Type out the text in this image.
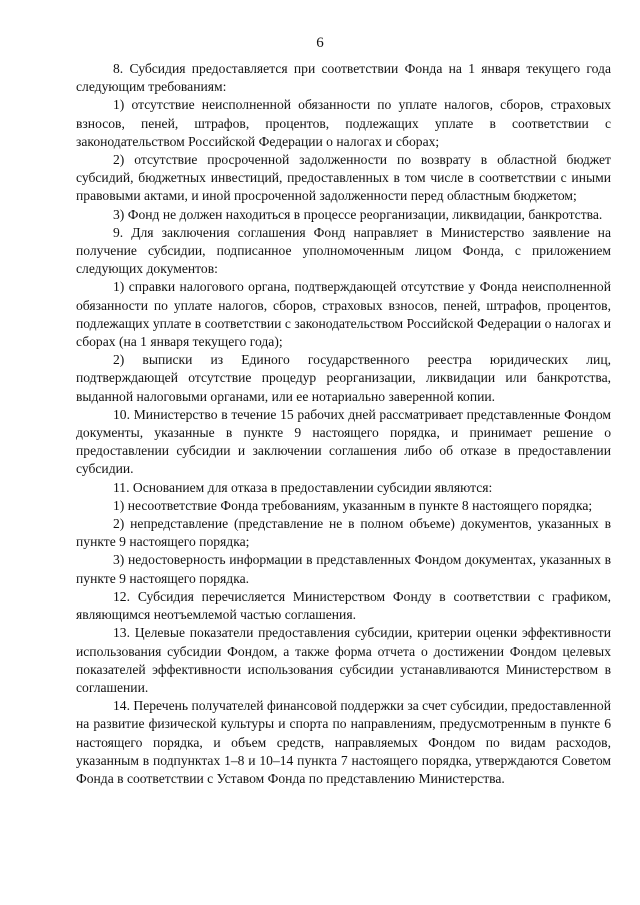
6

8. Субсидия предоставляется при соответствии Фонда на 1 января текущего года следующим требованиям:

1) отсутствие неисполненной обязанности по уплате налогов, сборов, страховых взносов, пеней, штрафов, процентов, подлежащих уплате в соответствии с законодательством Российской Федерации о налогах и сборах;

2) отсутствие просроченной задолженности по возврату в областной бюджет субсидий, бюджетных инвестиций, предоставленных в том числе в соответствии с иными правовыми актами, и иной просроченной задолженности перед областным бюджетом;

3) Фонд не должен находиться в процессе реорганизации, ликвидации, банкротства.

9. Для заключения соглашения Фонд направляет в Министерство заявление на получение субсидии, подписанное уполномоченным лицом Фонда, с приложением следующих документов:

1) справки налогового органа, подтверждающей отсутствие у Фонда неисполненной обязанности по уплате налогов, сборов, страховых взносов, пеней, штрафов, процентов, подлежащих уплате в соответствии с законодательством Российской Федерации о налогах и сборах (на 1 января текущего года);

2) выписки из Единого государственного реестра юридических лиц, подтверждающей отсутствие процедур реорганизации, ликвидации или банкротства, выданной налоговыми органами, или ее нотариально заверенной копии.

10. Министерство в течение 15 рабочих дней рассматривает представленные Фондом документы, указанные в пункте 9 настоящего порядка, и принимает решение о предоставлении субсидии и заключении соглашения либо об отказе в предоставлении субсидии.

11. Основанием для отказа в предоставлении субсидии являются:

1) несоответствие Фонда требованиям, указанным в пункте 8 настоящего порядка;

2) непредставление (представление не в полном объеме) документов, указанных в пункте 9 настоящего порядка;

3) недостоверность информации в представленных Фондом документах, указанных в пункте 9 настоящего порядка.

12. Субсидия перечисляется Министерством Фонду в соответствии с графиком, являющимся неотъемлемой частью соглашения.

13. Целевые показатели предоставления субсидии, критерии оценки эффективности использования субсидии Фондом, а также форма отчета о достижении Фондом целевых показателей эффективности использования субсидии устанавливаются Министерством в соглашении.

14. Перечень получателей финансовой поддержки за счет субсидии, предоставленной на развитие физической культуры и спорта по направлениям, предусмотренным в пункте 6 настоящего порядка, и объем средств, направляемых Фондом по видам расходов, указанным в подпунктах 1–8 и 10–14 пункта 7 настоящего порядка, утверждаются Советом Фонда в соответствии с Уставом Фонда по представлению Министерства.
